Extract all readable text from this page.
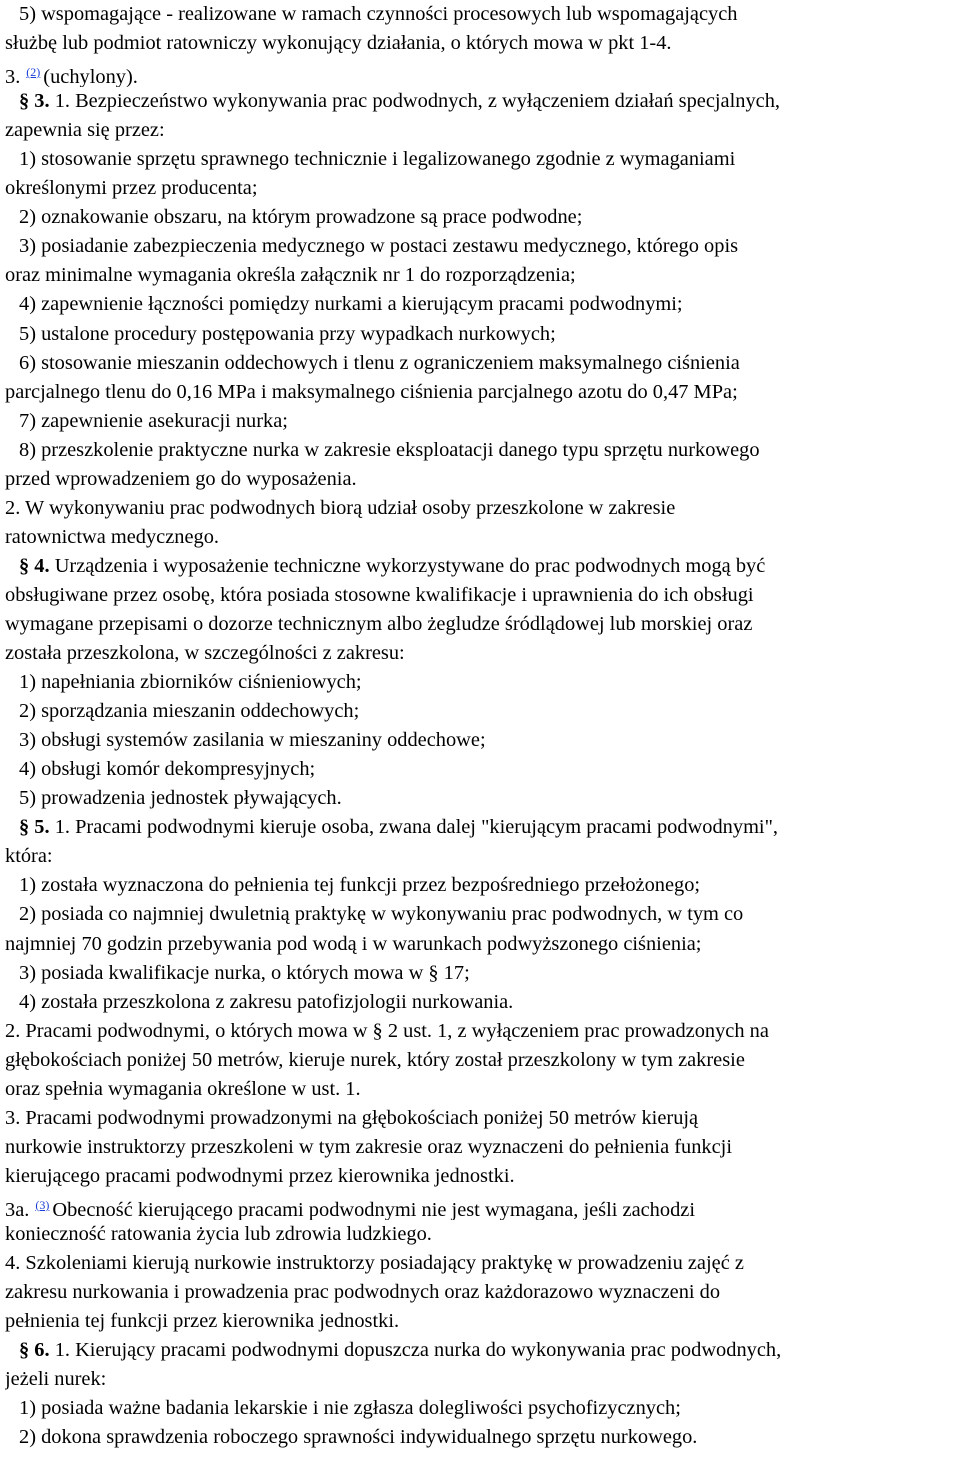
5) wspomagające - realizowane w ramach czynności procesowych lub wspomagających
służbę lub podmiot ratowniczy wykonujący działania, o których mowa w pkt 1-4.
3. $^{(2)}$ (uchylony).
§ 3. 1. Bezpieczeństwo wykonywania prac podwodnych, z wyłączeniem działań specjalnych,
zapewnia się przez:
1) stosowanie sprzętu sprawnego technicznie i legalizowanego zgodnie z wymaganiami
określonymi przez producenta;
2) oznakowanie obszaru, na którym prowadzone są prace podwodne;
3) posiadanie zabezpieczenia medycznego w postaci zestawu medycznego, którego opis
oraz minimalne wymagania określa załącznik nr 1 do rozporządzenia;
4) zapewnienie łączności pomiędzy nurkami a kierującym pracami podwodnymi;
5) ustalone procedury postępowania przy wypadkach nurkowych;
6) stosowanie mieszanin oddechowych i tlenu z ograniczeniem maksymalnego ciśnienia
parcjalnego tlenu do 0,16 MPa i maksymalnego ciśnienia parcjalnego azotu do 0,47 MPa;
7) zapewnienie asekuracji nurka;
8) przeszkolenie praktyczne nurka w zakresie eksploatacji danego typu sprzętu nurkowego
przed wprowadzeniem go do wyposażenia.
2. W wykonywaniu prac podwodnych biorą udział osoby przeszkolone w zakresie
ratownictwa medycznego.
§ 4. Urządzenia i wyposażenie techniczne wykorzystywane do prac podwodnych mogą być
obsługiwane przez osobę, która posiada stosowne kwalifikacje i uprawnienia do ich obsługi
wymagane przepisami o dozorze technicznym albo żegludze śródlądowej lub morskiej oraz
została przeszkolona, w szczególności z zakresu:
1) napełniania zbiorników ciśnieniowych;
2) sporządzania mieszanin oddechowych;
3) obsługi systemów zasilania w mieszaniny oddechowe;
4) obsługi komór dekompresyjnych;
5) prowadzenia jednostek pływających.
§ 5. 1. Pracami podwodnymi kieruje osoba, zwana dalej "kierującym pracami podwodnymi",
która:
1) została wyznaczona do pełnienia tej funkcji przez bezpośredniego przełożonego;
2) posiada co najmniej dwuletnią praktykę w wykonywaniu prac podwodnych, w tym co
najmniej 70 godzin przebywania pod wodą i w warunkach podwyższonego ciśnienia;
3) posiada kwalifikacje nurka, o których mowa w § 17;
4) została przeszkolona z zakresu patofizjologii nurkowania.
2. Pracami podwodnymi, o których mowa w § 2 ust. 1, z wyłączeniem prac prowadzonych na
głębokościach poniżej 50 metrów, kieruje nurek, który został przeszkolony w tym zakresie
oraz spełnia wymagania określone w ust. 1.
3. Pracami podwodnymi prowadzonymi na głębokościach poniżej 50 metrów kierują
nurkowie instruktorzy przeszkoleni w tym zakresie oraz wyznaczeni do pełnienia funkcji
kierującego pracami podwodnymi przez kierownika jednostki.
3a. $^{(3)}$ Obecność kierującego pracami podwodnymi nie jest wymagana, jeśli zachodzi
konieczność ratowania życia lub zdrowia ludzkiego.
4. Szkoleniami kierują nurkowie instruktorzy posiadający praktykę w prowadzeniu zajęć z
zakresu nurkowania i prowadzenia prac podwodnych oraz każdorazowo wyznaczeni do
pełnienia tej funkcji przez kierownika jednostki.
§ 6. 1. Kierujący pracami podwodnymi dopuszcza nurka do wykonywania prac podwodnych,
jeżeli nurek:
1) posiada ważne badania lekarskie i nie zgłasza dolegliwości psychofizycznych;
2) dokona sprawdzenia roboczego sprawności indywidualnego sprzętu nurkowego.
